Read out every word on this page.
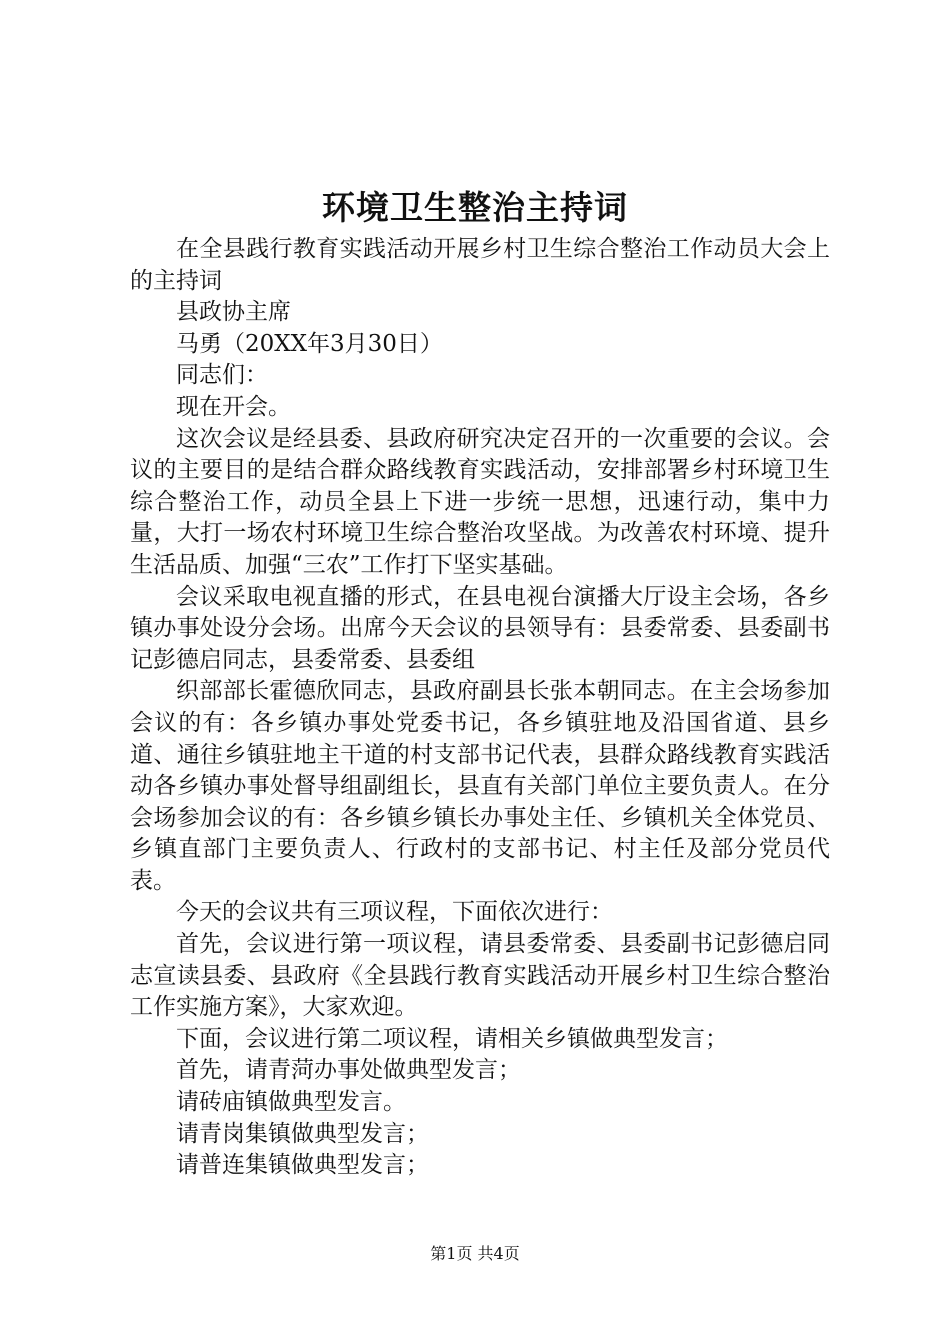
环境卫生整治主持词

在全县践行教育实践活动开展乡村卫生综合整治工作动员大会上的主持词

县政协主席

马勇（20XX年3月30日）

同志们：

现在开会。

这次会议是经县委、县政府研究决定召开的一次重要的会议。会议的主要目的是结合群众路线教育实践活动，安排部署乡村环境卫生综合整治工作，动员全县上下进一步统一思想，迅速行动，集中力量，大打一场农村环境卫生综合整治攻坚战。为改善农村环境、提升生活品质、加强“三农”工作打下坚实基础。

会议采取电视直播的形式，在县电视台演播大厅设主会场，各乡镇办事处设分会场。出席今天会议的县领导有：县委常委、县委副书记彭德启同志，县委常委、县委组

织部部长霍德欣同志，县政府副县长张本朝同志。在主会场参加会议的有：各乡镇办事处党委书记，各乡镇驻地及沿国省道、县乡道、通往乡镇驻地主干道的村支部书记代表，县群众路线教育实践活动各乡镇办事处督导组副组长，县直有关部门单位主要负责人。在分会场参加会议的有：各乡镇乡镇长办事处主任、乡镇机关全体党员、乡镇直部门主要负责人、行政村的支部书记、村主任及部分党员代表。

今天的会议共有三项议程，下面依次进行：

首先，会议进行第一项议程，请县委常委、县委副书记彭德启同志宣读县委、县政府《全县践行教育实践活动开展乡村卫生综合整治工作实施方案》，大家欢迎。

下面，会议进行第二项议程，请相关乡镇做典型发言；

首先，请青菏办事处做典型发言；

请砖庙镇做典型发言。

请青岗集镇做典型发言；

请普连集镇做典型发言；

第1页 共4页
